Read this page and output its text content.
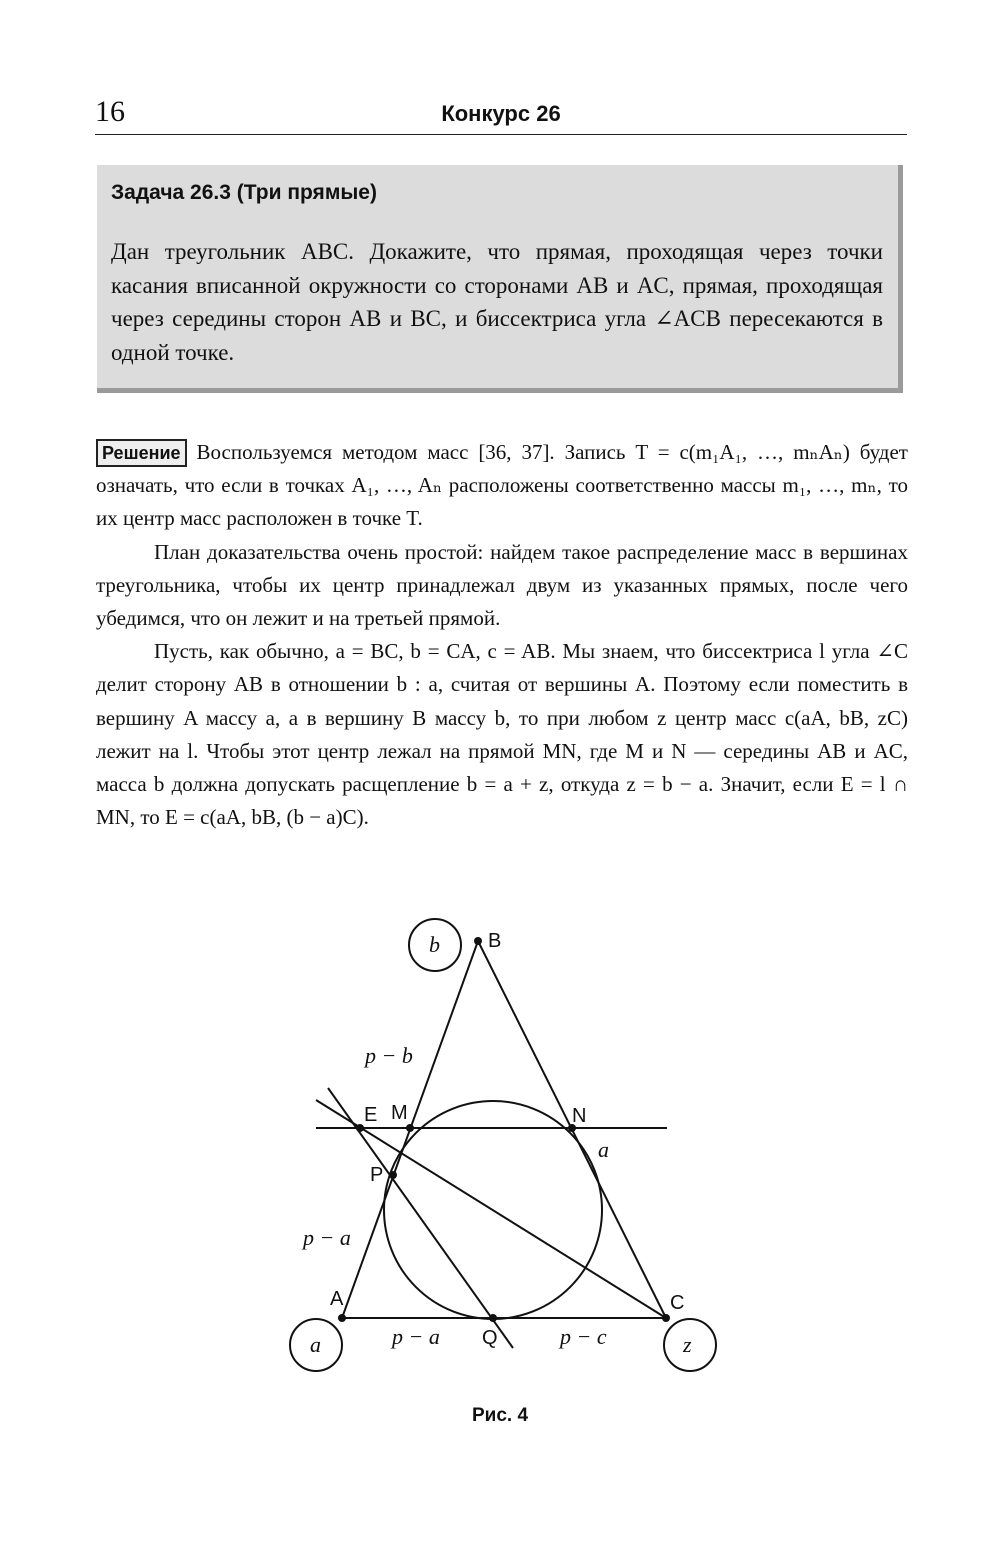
16	Конкурс 26
Задача 26.3 (Три прямые)
Дан треугольник ABC. Докажите, что прямая, проходящая через точки касания вписанной окружности со сторонами AB и AC, прямая, проходящая через середины сторон AB и BC, и биссектриса угла ∠ACB пересекаются в одной точке.

Решение Воспользуемся методом масс [36, 37]. Запись T = c(m₁A₁, …, mₙAₙ) будет означать, что если в точках A₁, …, Aₙ расположены соответственно массы m₁, …, mₙ, то их центр масс расположен в точке T.

План доказательства очень простой: найдем такое распределение масс в вершинах треугольника, чтобы их центр принадлежал двум из указанных прямых, после чего убедимся, что он лежит и на третьей прямой.

Пусть, как обычно, a = BC, b = CA, c = AB. Мы знаем, что биссектриса l угла ∠C делит сторону AB в отношении b : a, считая от вершины A. Поэтому если поместить в вершину A массу a, а в вершину B массу b, то при любом z центр масс c(aA, bB, zC) лежит на l. Чтобы этот центр лежал на прямой MN, где M и N — середины AB и AC, масса b должна допускать расщепление b = a + z, откуда z = b − a. Значит, если E = l ∩ MN, то E = c(aA, bB, (b − a)C).

B
A	C
E M	N
P
Q
b
a	z
p − b
p − a
p − a	p − c
a
Рис. 4
